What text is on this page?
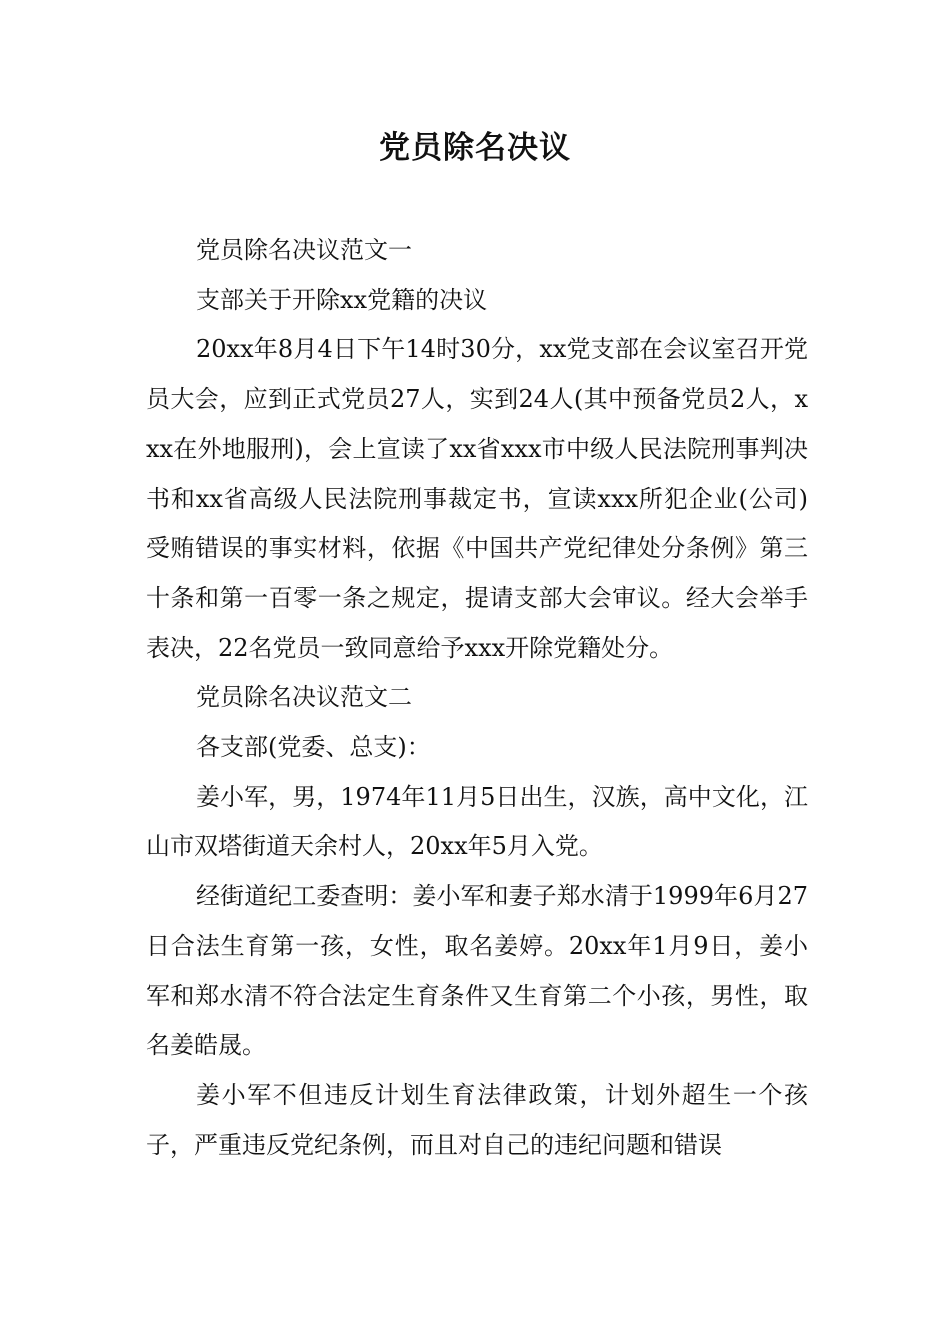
党员除名决议

党员除名决议范文一

支部关于开除xx党籍的决议

20xx年8月4日下午14时30分，xx党支部在会议室召开党员大会，应到正式党员27人，实到24人(其中预备党员2人，xxx在外地服刑)，会上宣读了xx省xxx市中级人民法院刑事判决书和xx省高级人民法院刑事裁定书，宣读xxx所犯企业(公司)受贿错误的事实材料，依据《中国共产党纪律处分条例》第三十条和第一百零一条之规定，提请支部大会审议。经大会举手表决，22名党员一致同意给予xxx开除党籍处分。

党员除名决议范文二

各支部(党委、总支)：

姜小军，男，1974年11月5日出生，汉族，高中文化，江山市双塔街道天余村人，20xx年5月入党。

经街道纪工委查明：姜小军和妻子郑水清于1999年6月27日合法生育第一孩，女性，取名姜婷。20xx年1月9日，姜小军和郑水清不符合法定生育条件又生育第二个小孩，男性，取名姜皓晟。

姜小军不但违反计划生育法律政策，计划外超生一个孩子，严重违反党纪条例，而且对自己的违纪问题和错误
